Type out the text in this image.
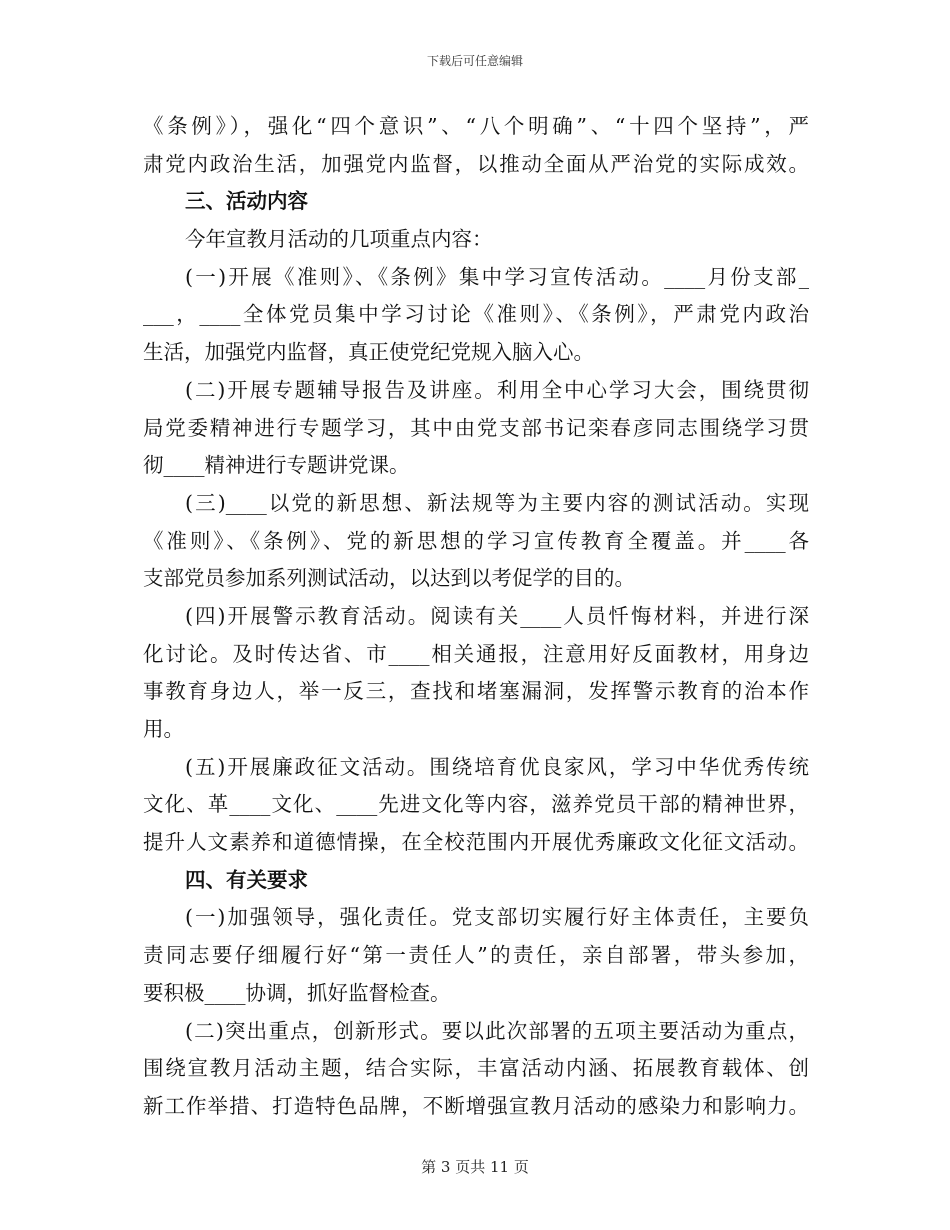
下载后可任意编辑
《条例》），强化“四个意识”、“八个明确”、“十四个坚持”，严
肃党内政治生活，加强党内监督，以推动全面从严治党的实际成效。
三、活动内容
今年宣教月活动的几项重点内容：
(一)开展《准则》、《条例》集中学习宣传活动。____月份支部_
___，____全体党员集中学习讨论《准则》、《条例》，严肃党内政治
生活，加强党内监督，真正使党纪党规入脑入心。
(二)开展专题辅导报告及讲座。利用全中心学习大会，围绕贯彻
局党委精神进行专题学习，其中由党支部书记栾春彦同志围绕学习贯
彻____精神进行专题讲党课。
(三)____以党的新思想、新法规等为主要内容的测试活动。实现
《准则》、《条例》、党的新思想的学习宣传教育全覆盖。并____各
支部党员参加系列测试活动，以达到以考促学的目的。
(四)开展警示教育活动。阅读有关____人员忏悔材料，并进行深
化讨论。及时传达省、市____相关通报，注意用好反面教材，用身边
事教育身边人，举一反三，查找和堵塞漏洞，发挥警示教育的治本作
用。
(五)开展廉政征文活动。围绕培育优良家风，学习中华优秀传统
文化、革____文化、____先进文化等内容，滋养党员干部的精神世界，
提升人文素养和道德情操，在全校范围内开展优秀廉政文化征文活动。
四、有关要求
(一)加强领导，强化责任。党支部切实履行好主体责任，主要负
责同志要仔细履行好“第一责任人”的责任，亲自部署，带头参加，
要积极____协调，抓好监督检查。
(二)突出重点，创新形式。要以此次部署的五项主要活动为重点，
围绕宣教月活动主题，结合实际，丰富活动内涵、拓展教育载体、创
新工作举措、打造特色品牌，不断增强宣教月活动的感染力和影响力。
第 3 页共 11 页
